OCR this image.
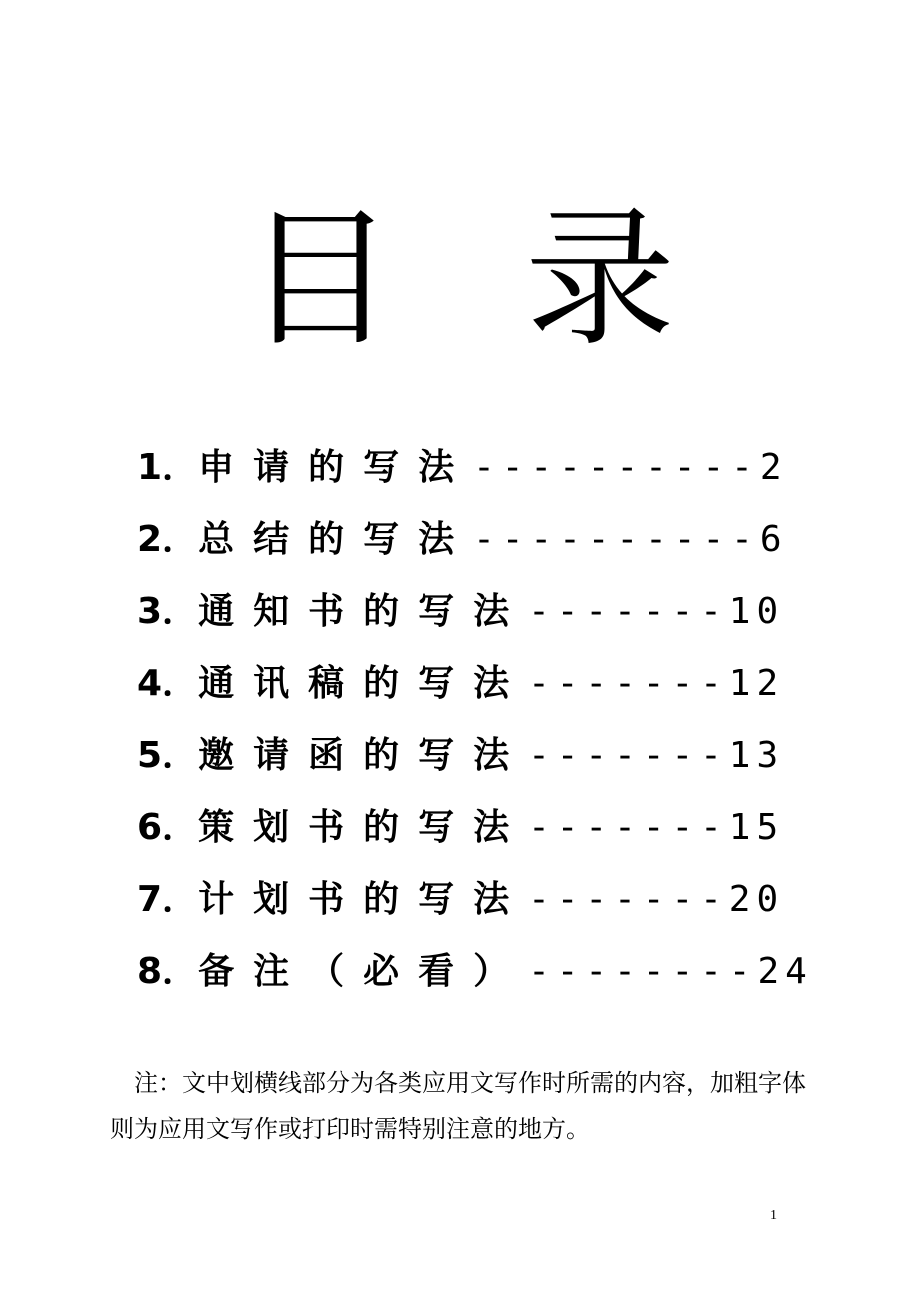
目 录
1． 申请的写法 ---------- 2
2． 总结的写法 ---------- 6
3． 通知书的写法 ------- 10
4． 通讯稿的写法 ------- 12
5． 邀请函的写法 ------- 13
6． 策划书的写法 ------- 15
7． 计划书的写法 ------- 20
8． 备注（必看） -------- 24
注：文中划横线部分为各类应用文写作时所需的内容，加粗字体则为应用文写作或打印时需特别注意的地方。
1
